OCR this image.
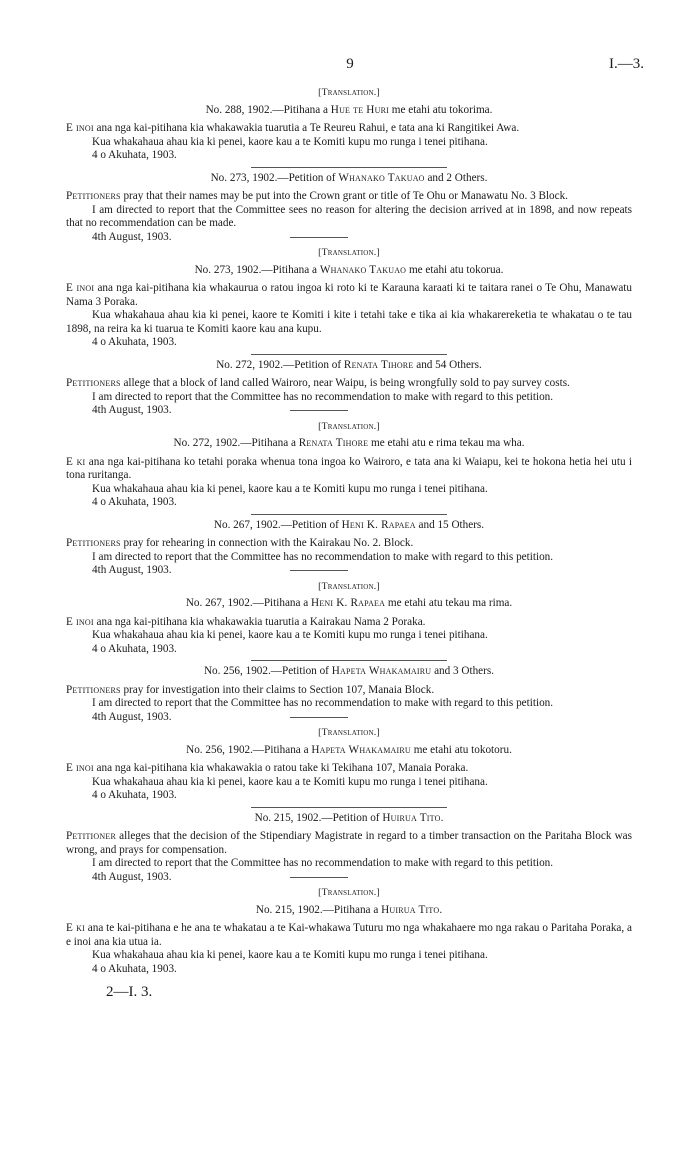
9	I.—3.
[Translation.]
No. 288, 1902.—Pitihana a Hue te Huri me etahi atu tokorima.

E inoi ana nga kai-pitihana kia whakawakia tuarutia a Te Reureu Rahui, e tata ana ki Rangitikei Awa.

Kua whakahaua ahau kia ki penei, kaore kau a te Komiti kupu mo runga i tenei pitihana.

4 o Akuhata, 1903.
No. 273, 1902.—Petition of Whanako Takuao and 2 Others.

Petitioners pray that their names may be put into the Crown grant or title of Te Ohu or Manawatu No. 3 Block.

I am directed to report that the Committee sees no reason for altering the decision arrived at in 1898, and now repeats that no recommendation can be made.

4th August, 1903.
[Translation.]
No. 273, 1902.—Pitihana a Whanako Takuao me etahi atu tokorua.

E inoi ana nga kai-pitihana kia whakaurua o ratou ingoa ki roto ki te Karauna karaati ki te taitara ranei o Te Ohu, Manawatu Nama 3 Poraka.

Kua whakahaua ahau kia ki penei, kaore te Komiti i kite i tetahi take e tika ai kia whakarereketia te whakatau o te tau 1898, na reira ka ki tuarua te Komiti kaore kau ana kupu.

4 o Akuhata, 1903.
No. 272, 1902.—Petition of Renata Tihore and 54 Others.

Petitioners allege that a block of land called Wairoro, near Waipu, is being wrongfully sold to pay survey costs.

I am directed to report that the Committee has no recommendation to make with regard to this petition.

4th August, 1903.
[Translation.]
No. 272, 1902.—Pitihana a Renata Tihore me etahi atu e rima tekau ma wha.

E ki ana nga kai-pitihana ko tetahi poraka whenua tona ingoa ko Wairoro, e tata ana ki Waiapu, kei te hokona hetia hei utu i tona ruritanga.

Kua whakahaua ahau kia ki penei, kaore kau a te Komiti kupu mo runga i tenei pitihana.

4 o Akuhata, 1903.
No. 267, 1902.—Petition of Heni K. Rapaea and 15 Others.

Petitioners pray for rehearing in connection with the Kairakau No. 2. Block.

I am directed to report that the Committee has no recommendation to make with regard to this petition.

4th August, 1903.
[Translation.]
No. 267, 1902.—Pitihana a Heni K. Rapaea me etahi atu tekau ma rima.

E inoi ana nga kai-pitihana kia whakawakia tuarutia a Kairakau Nama 2 Poraka.

Kua whakahaua ahau kia ki penei, kaore kau a te Komiti kupu mo runga i tenei pitihana.

4 o Akuhata, 1903.
No. 256, 1902.—Petition of Hapeta Whakamairu and 3 Others.

Petitioners pray for investigation into their claims to Section 107, Manaia Block.

I am directed to report that the Committee has no recommendation to make with regard to this petition.

4th August, 1903.
[Translation.]
No. 256, 1902.—Pitihana a Hapeta Whakamairu me etahi atu tokotoru.

E inoi ana nga kai-pitihana kia whakawakia o ratou take ki Tekihana 107, Manaia Poraka.

Kua whakahaua ahau kia ki penei, kaore kau a te Komiti kupu mo runga i tenei pitihana.

4 o Akuhata, 1903.
No. 215, 1902.—Petition of Huirua Tito.

Petitioner alleges that the decision of the Stipendiary Magistrate in regard to a timber transaction on the Paritaha Block was wrong, and prays for compensation.

I am directed to report that the Committee has no recommendation to make with regard to this petition.

4th August, 1903.
[Translation.]
No. 215, 1902.—Pitihana a Huirua Tito.

E ki ana te kai-pitihana e he ana te whakatau a te Kai-whakawa Tuturu mo nga whakahaere mo nga rakau o Paritaha Poraka, a e inoi ana kia utua ia.

Kua whakahaua ahau kia ki penei, kaore kau a te Komiti kupu mo runga i tenei pitihana.

4 o Akuhata, 1903.
2—I. 3.
